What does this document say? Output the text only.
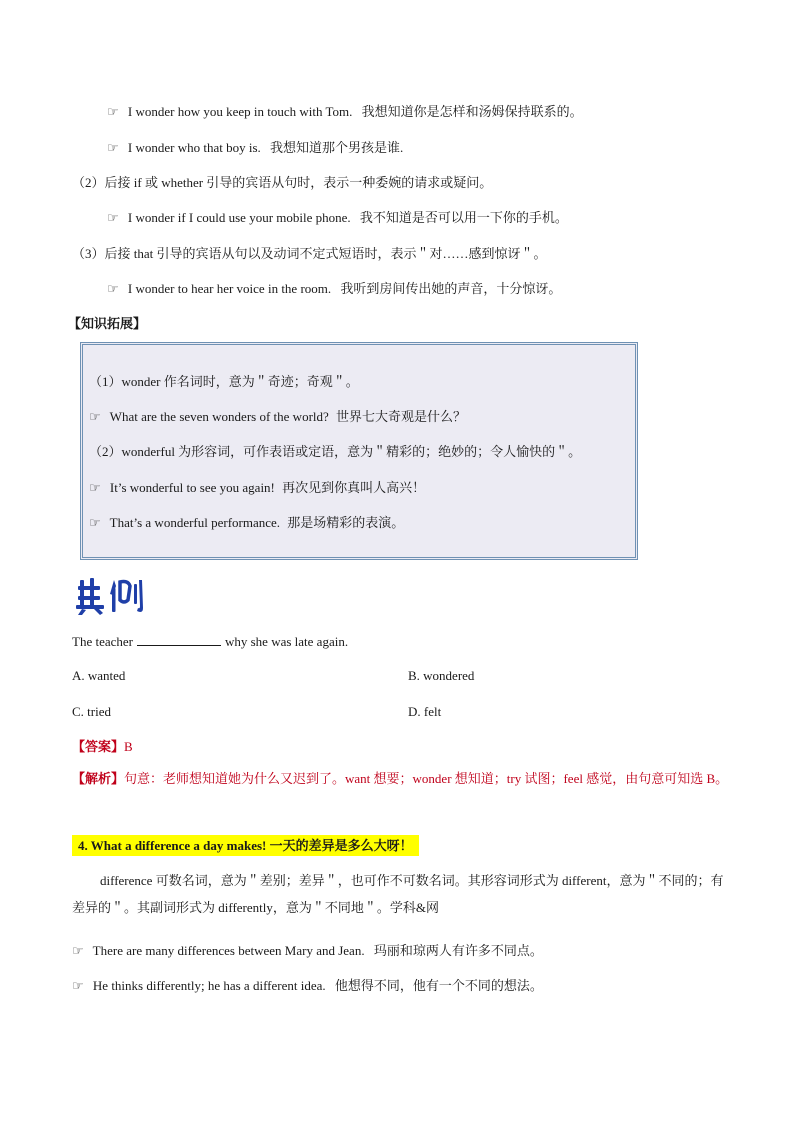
☞ I wonder how you keep in touch with Tom. 我想知道你是怎样和汤姆保持联系的。
☞ I wonder who that boy is. 我想知道那个男孩是谁.
（2）后接 if 或 whether 引导的宾语从句时，表示一种委婉的请求或疑问。
☞ I wonder if I could use your mobile phone. 我不知道是否可以用一下你的手机。
（3）后接 that 引导的宾语从句以及动词不定式短语时，表示＂对……感到惊讶＂。
☞ I wonder to hear her voice in the room. 我听到房间传出她的声音，十分惊讶。
【知识拓展】
（1）wonder 作名词时，意为＂奇迹；奇观＂。
☞ What are the seven wonders of the world? 世界七大奇观是什么？
（2）wonderful 为形容词，可作表语或定语，意为＂精彩的；绝妙的；令人愉快的＂。
☞ It’s wonderful to see you again! 再次见到你真叫人高兴！
☞ That’s a wonderful performance. 那是场精彩的表演。
The teacher	why she was late again.
A. wanted	B. wondered
C. tried	D. felt
【答案】B
【解析】句意：老师想知道她为什么又迟到了。want 想要；wonder 想知道；try 试图；feel 感觉，由句意可知选 B。
4. What a difference a day makes! 一天的差异是多么大呀！
difference 可数名词，意为＂差别；差异＂，也可作不可数名词。其形容词形式为 different，意为＂不同的；有差异的＂。其副词形式为 differently，意为＂不同地＂。学科&网
☞ There are many differences between Mary and Jean. 玛丽和琼两人有许多不同点。
☞ He thinks differently; he has a different idea. 他想得不同，他有一个不同的想法。
